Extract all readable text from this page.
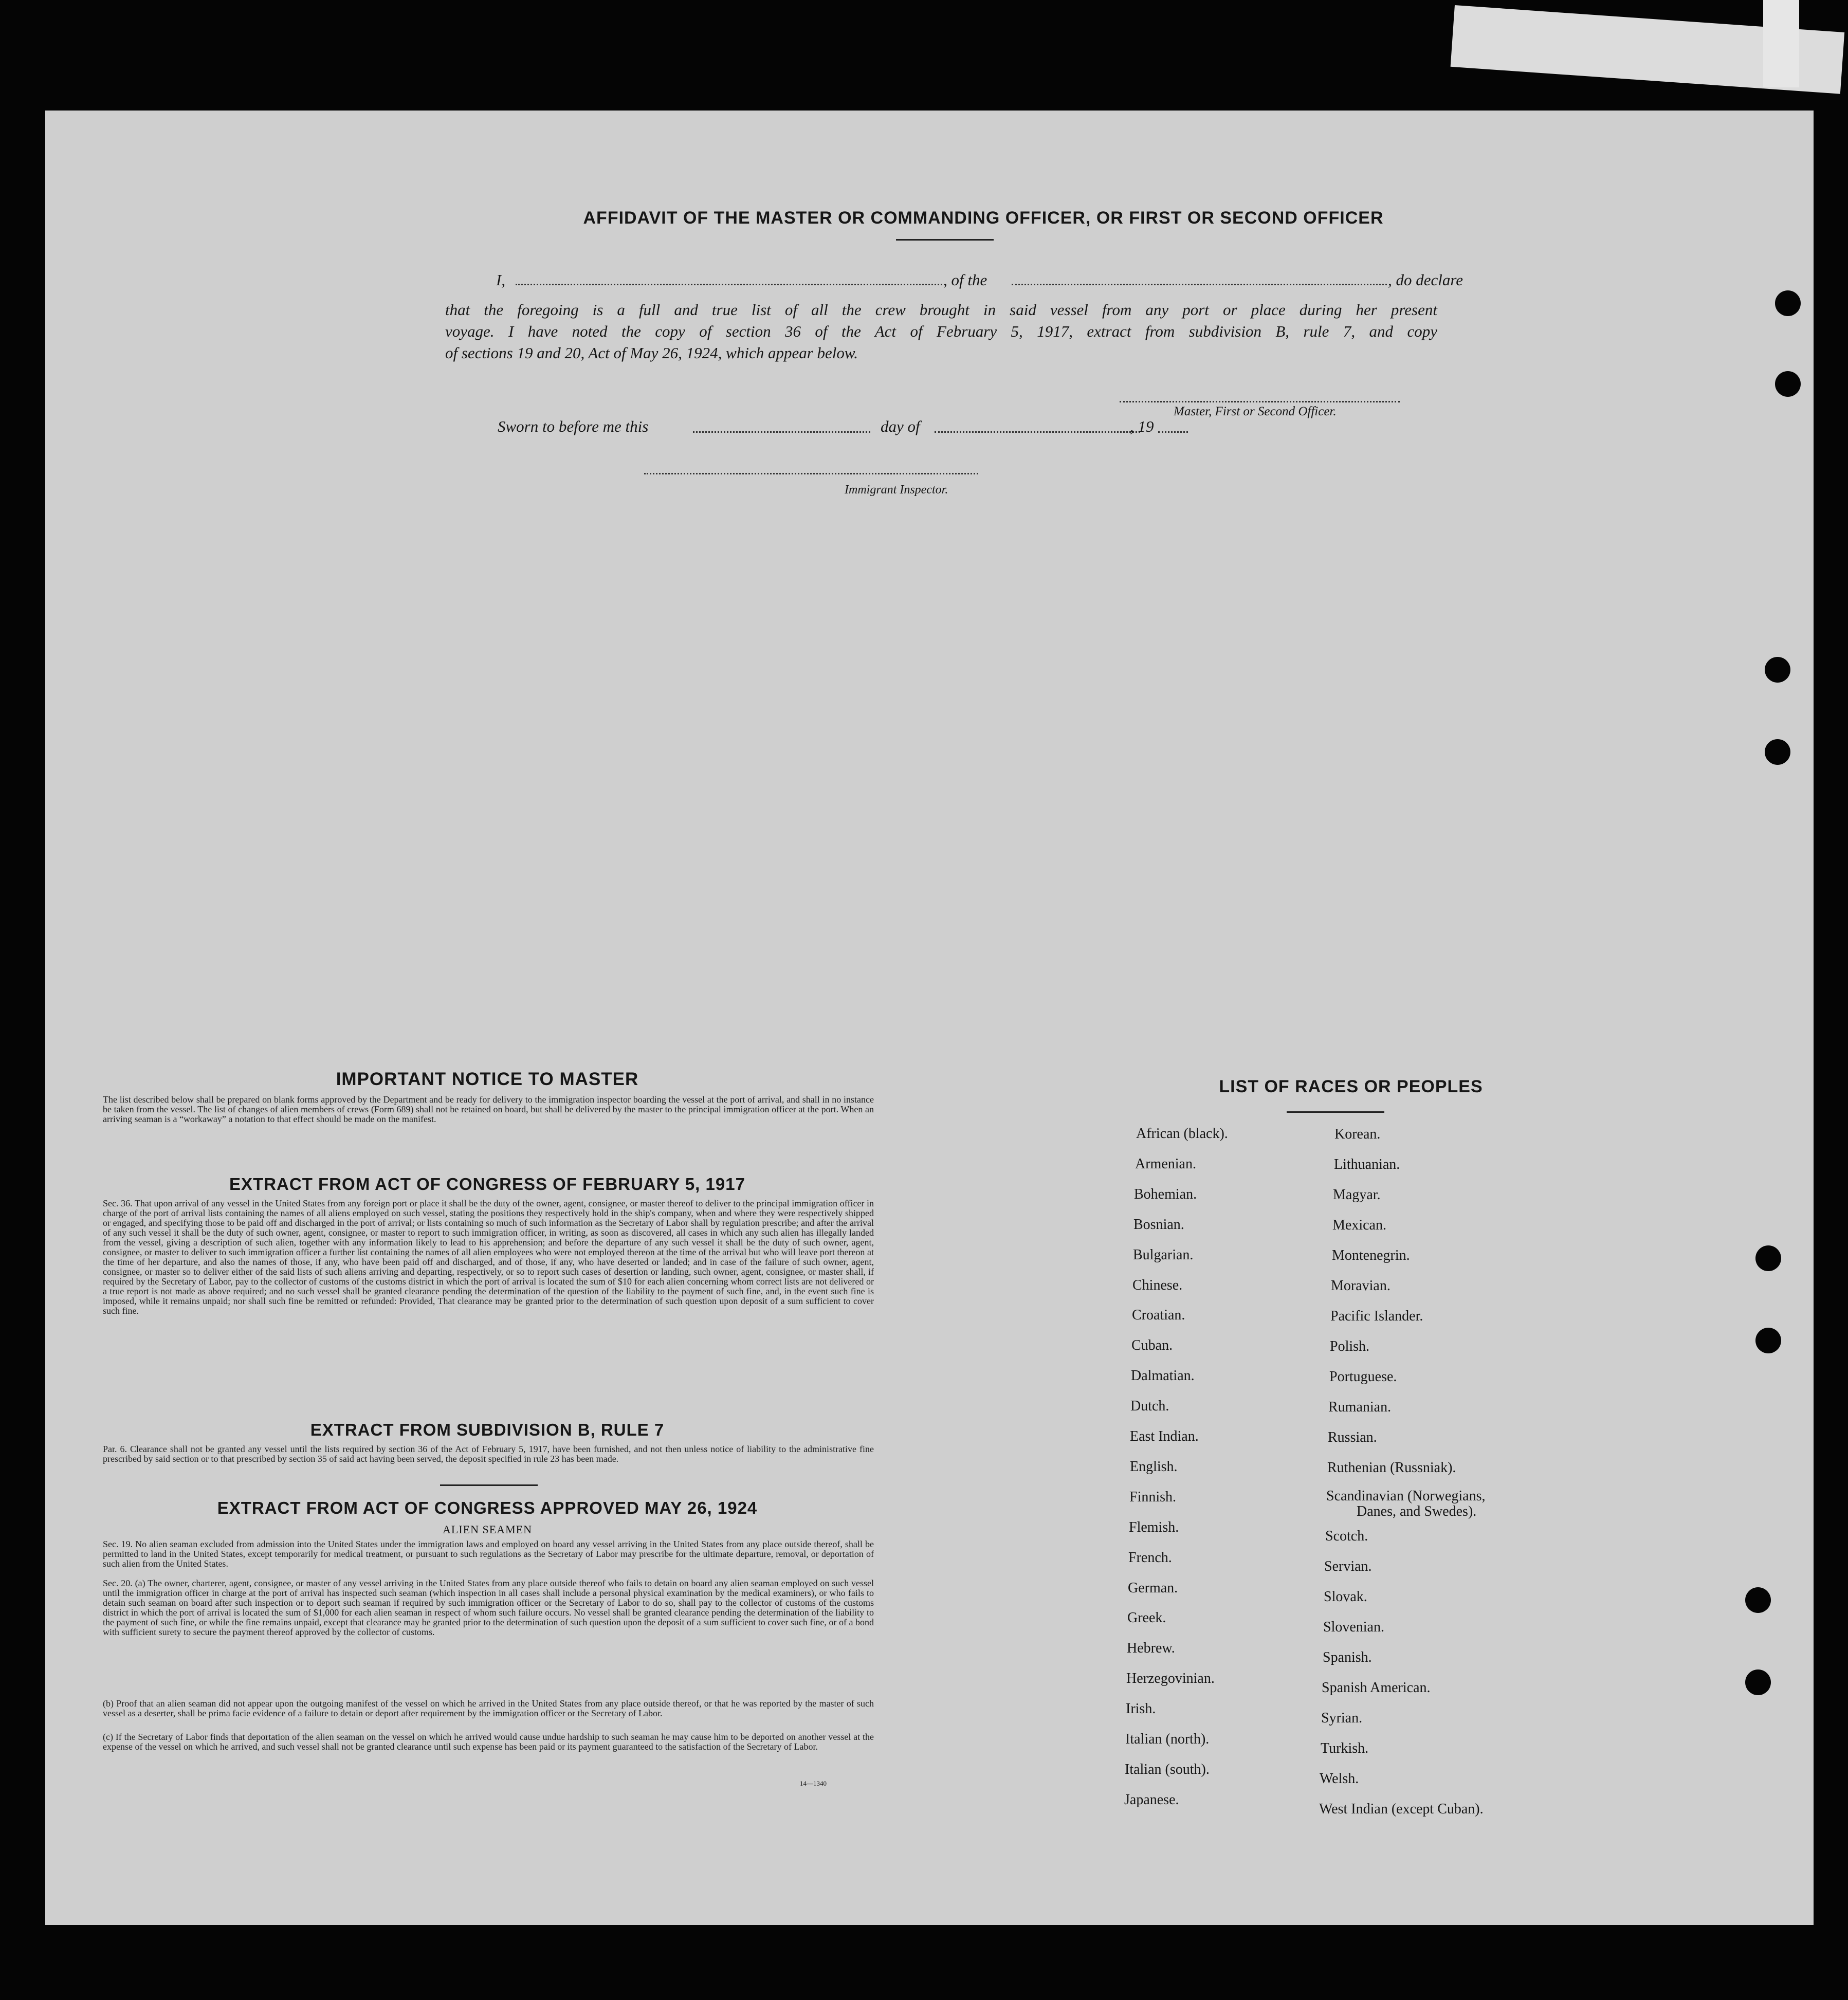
AFFIDAVIT OF THE MASTER OR COMMANDING OFFICER, OR FIRST OR SECOND OFFICER
I,	, of the	, do declare
that the foregoing is a full and true list of all the crew brought in said vessel from any port or place during her present
voyage. I have noted the copy of section 36 of the Act of February 5, 1917, extract from subdivision B, rule 7, and copy
of sections 19 and 20, Act of May 26, 1924, which appear below.
Master, First or Second Officer.
Sworn to before me this	day of	, 19
Immigrant Inspector.
IMPORTANT NOTICE TO MASTER
The list described below shall be prepared on blank forms approved by the Department and be ready for delivery to the immigration inspector boarding the vessel at the port of arrival, and shall in no instance be taken from the vessel. The list of changes of alien members of crews (Form 689) shall not be retained on board, but shall be delivered by the master to the principal immigration officer at the port. When an arriving seaman is a “workaway” a notation to that effect should be made on the manifest.
EXTRACT FROM ACT OF CONGRESS OF FEBRUARY 5, 1917
Sec. 36. That upon arrival of any vessel in the United States from any foreign port or place it shall be the duty of the owner, agent, consignee, or master thereof to deliver to the principal immigration officer in charge of the port of arrival lists containing the names of all aliens employed on such vessel, stating the positions they respectively hold in the ship's company, when and where they were respectively shipped or engaged, and specifying those to be paid off and discharged in the port of arrival; or lists containing so much of such information as the Secretary of Labor shall by regulation prescribe; and after the arrival of any such vessel it shall be the duty of such owner, agent, consignee, or master to report to such immigration officer, in writing, as soon as discovered, all cases in which any such alien has illegally landed from the vessel, giving a description of such alien, together with any information likely to lead to his apprehension; and before the departure of any such vessel it shall be the duty of such owner, agent, consignee, or master to deliver to such immigration officer a further list containing the names of all alien employees who were not employed thereon at the time of the arrival but who will leave port thereon at the time of her departure, and also the names of those, if any, who have been paid off and discharged, and of those, if any, who have deserted or landed; and in case of the failure of such owner, agent, consignee, or master so to deliver either of the said lists of such aliens arriving and departing, respectively, or so to report such cases of desertion or landing, such owner, agent, consignee, or master shall, if required by the Secretary of Labor, pay to the collector of customs of the customs district in which the port of arrival is located the sum of $10 for each alien concerning whom correct lists are not delivered or a true report is not made as above required; and no such vessel shall be granted clearance pending the determination of the question of the liability to the payment of such fine, and, in the event such fine is imposed, while it remains unpaid; nor shall such fine be remitted or refunded: Provided, That clearance may be granted prior to the determination of such question upon deposit of a sum sufficient to cover such fine.
EXTRACT FROM SUBDIVISION B, RULE 7
Par. 6. Clearance shall not be granted any vessel until the lists required by section 36 of the Act of February 5, 1917, have been furnished, and not then unless notice of liability to the administrative fine prescribed by said section or to that prescribed by section 35 of said act having been served, the deposit specified in rule 23 has been made.
EXTRACT FROM ACT OF CONGRESS APPROVED MAY 26, 1924
ALIEN SEAMEN
Sec. 19. No alien seaman excluded from admission into the United States under the immigration laws and employed on board any vessel arriving in the United States from any place outside thereof, shall be permitted to land in the United States, except temporarily for medical treatment, or pursuant to such regulations as the Secretary of Labor may prescribe for the ultimate departure, removal, or deportation of such alien from the United States.
Sec. 20. (a) The owner, charterer, agent, consignee, or master of any vessel arriving in the United States from any place outside thereof who fails to detain on board any alien seaman employed on such vessel until the immigration officer in charge at the port of arrival has inspected such seaman (which inspection in all cases shall include a personal physical examination by the medical examiners), or who fails to detain such seaman on board after such inspection or to deport such seaman if required by such immigration officer or the Secretary of Labor to do so, shall pay to the collector of customs of the customs district in which the port of arrival is located the sum of $1,000 for each alien seaman in respect of whom such failure occurs. No vessel shall be granted clearance pending the determination of the liability to the payment of such fine, or while the fine remains unpaid, except that clearance may be granted prior to the determination of such question upon the deposit of a sum sufficient to cover such fine, or of a bond with sufficient surety to secure the payment thereof approved by the collector of customs.
(b) Proof that an alien seaman did not appear upon the outgoing manifest of the vessel on which he arrived in the United States from any place outside thereof, or that he was reported by the master of such vessel as a deserter, shall be prima facie evidence of a failure to detain or deport after requirement by the immigration officer or the Secretary of Labor.
(c) If the Secretary of Labor finds that deportation of the alien seaman on the vessel on which he arrived would cause undue hardship to such seaman he may cause him to be deported on another vessel at the expense of the vessel on which he arrived, and such vessel shall not be granted clearance until such expense has been paid or its payment guaranteed to the satisfaction of the Secretary of Labor.
14—1340
LIST OF RACES OR PEOPLES
African (black).
Armenian.
Bohemian.
Bosnian.
Bulgarian.
Chinese.
Croatian.
Cuban.
Dalmatian.
Dutch.
East Indian.
English.
Finnish.
Flemish.
French.
German.
Greek.
Hebrew.
Herzegovinian.
Irish.
Italian (north).
Italian (south).
Japanese.
Korean.
Lithuanian.
Magyar.
Mexican.
Montenegrin.
Moravian.
Pacific Islander.
Polish.
Portuguese.
Rumanian.
Russian.
Ruthenian (Russniak).
Scandinavian (Norwegians,
Danes, and Swedes).
Scotch.
Servian.
Slovak.
Slovenian.
Spanish.
Spanish American.
Syrian.
Turkish.
Welsh.
West Indian (except Cuban).
